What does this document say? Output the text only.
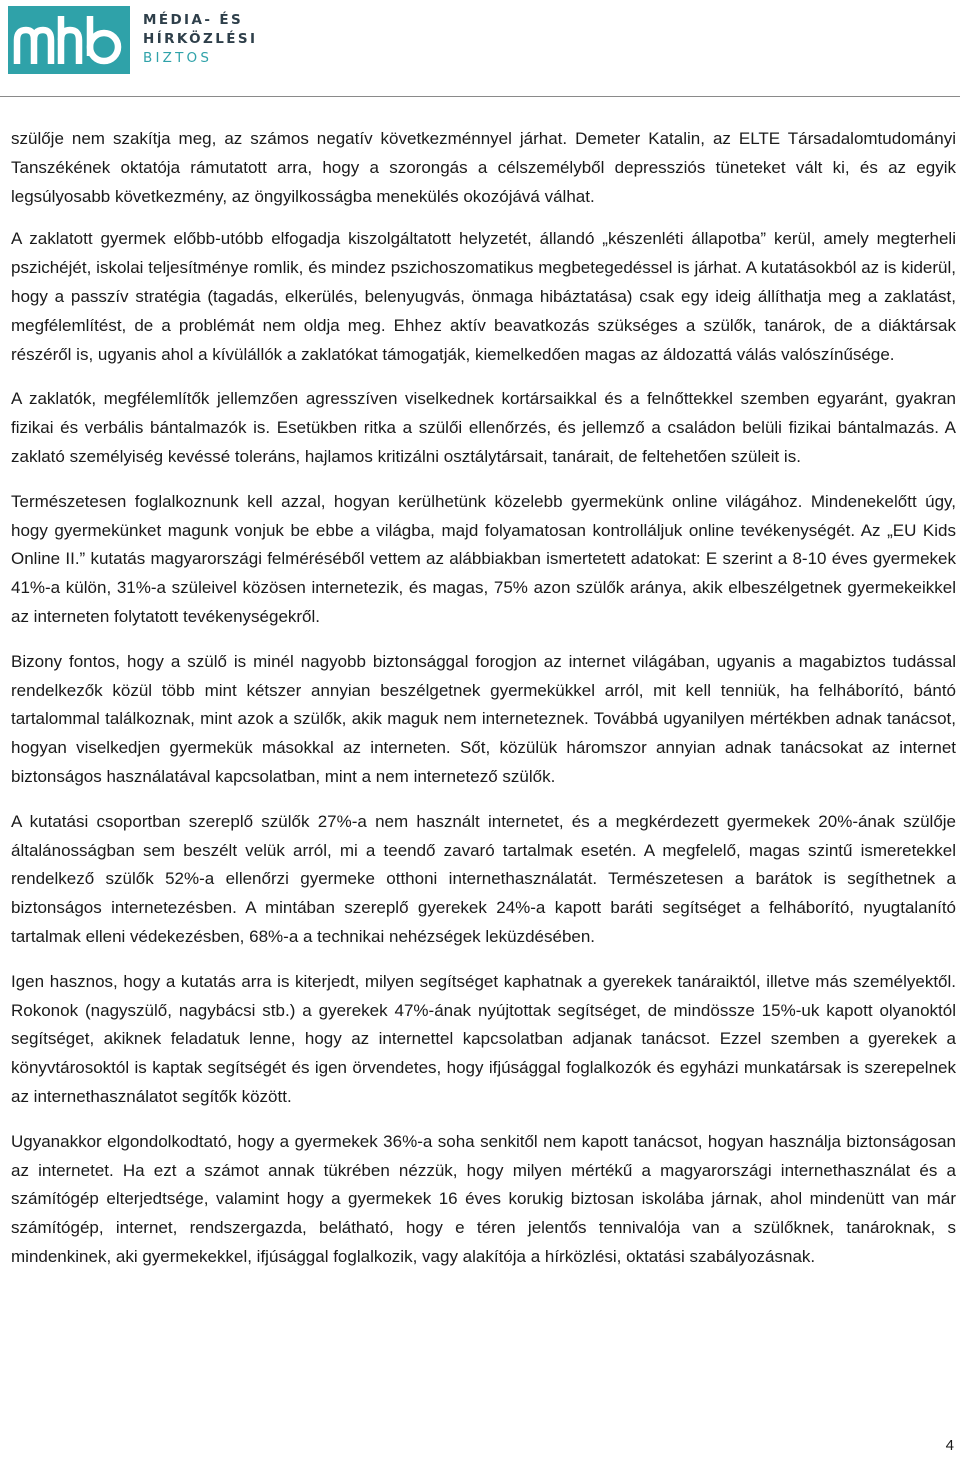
MÉDIA- ÉS
HÍRKÖZLÉSI
BIZTOS

szülője nem szakítja meg, az számos negatív következménnyel járhat. Demeter Katalin, az ELTE Társadalomtudományi Tanszékének oktatója rámutatott arra, hogy a szorongás a célszemélyből depressziós tüneteket vált ki, és az egyik legsúlyosabb következmény, az öngyilkosságba menekülés okozójává válhat.

A zaklatott gyermek előbb-utóbb elfogadja kiszolgáltatott helyzetét, állandó „készenléti állapotba” kerül, amely megterheli pszichéjét, iskolai teljesítménye romlik, és mindez pszichoszomatikus megbetegedéssel is járhat. A kutatásokból az is kiderül, hogy a passzív stratégia (tagadás, elkerülés, belenyugvás, önmaga hibáztatása) csak egy ideig állíthatja meg a zaklatást, megfélemlítést, de a problémát nem oldja meg. Ehhez aktív beavatkozás szükséges a szülők, tanárok, de a diáktársak részéről is, ugyanis ahol a kívülállók a zaklatókat támogatják, kiemelkedően magas az áldozattá válás valószínűsége.

A zaklatók, megfélemlítők jellemzően agresszíven viselkednek kortársaikkal és a felnőttekkel szemben egyaránt, gyakran fizikai és verbális bántalmazók is. Esetükben ritka a szülői ellenőrzés, és jellemző a családon belüli fizikai bántalmazás. A zaklató személyiség kevéssé toleráns, hajlamos kritizálni osztálytársait, tanárait, de feltehetően szüleit is.

Természetesen foglalkoznunk kell azzal, hogyan kerülhetünk közelebb gyermekünk online világához. Mindenekelőtt úgy, hogy gyermekünket magunk vonjuk be ebbe a világba, majd folyamatosan kontrolláljuk online tevékenységét. Az „EU Kids Online II.” kutatás magyarországi felméréséből vettem az alábbiakban ismertetett adatokat: E szerint a 8-10 éves gyermekek 41%-a külön, 31%-a szüleivel közösen internetezik, és magas, 75% azon szülők aránya, akik elbeszélgetnek gyermekeikkel az interneten folytatott tevékenységekről.

Bizony fontos, hogy a szülő is minél nagyobb biztonsággal forogjon az internet világában, ugyanis a magabiztos tudással rendelkezők közül több mint kétszer annyian beszélgetnek gyermekükkel arról, mit kell tenniük, ha felháborító, bántó tartalommal találkoznak, mint azok a szülők, akik maguk nem interneteznek. Továbbá ugyanilyen mértékben adnak tanácsot, hogyan viselkedjen gyermekük másokkal az interneten. Sőt, közülük háromszor annyian adnak tanácsokat az internet biztonságos használatával kapcsolatban, mint a nem internetező szülők.

A kutatási csoportban szereplő szülők 27%-a nem használt internetet, és a megkérdezett gyermekek 20%-ának szülője általánosságban sem beszélt velük arról, mi a teendő zavaró tartalmak esetén. A megfelelő, magas szintű ismeretekkel rendelkező szülők 52%-a ellenőrzi gyermeke otthoni internethasználatát. Természetesen a barátok is segíthetnek a biztonságos internetezésben. A mintában szereplő gyerekek 24%-a kapott baráti segítséget a felháborító, nyugtalanító tartalmak elleni védekezésben, 68%-a a technikai nehézségek leküzdésében.

Igen hasznos, hogy a kutatás arra is kiterjedt, milyen segítséget kaphatnak a gyerekek tanáraiktól, illetve más személyektől. Rokonok (nagyszülő, nagybácsi stb.) a gyerekek 47%-ának nyújtottak segítséget, de mindössze 15%-uk kapott olyanoktól segítséget, akiknek feladatuk lenne, hogy az internettel kapcsolatban adjanak tanácsot. Ezzel szemben a gyerekek a könyvtárosoktól is kaptak segítségét és igen örvendetes, hogy ifjúsággal foglalkozók és egyházi munkatársak is szerepelnek az internethasználatot segítők között.

Ugyanakkor elgondolkodtató, hogy a gyermekek 36%-a soha senkitől nem kapott tanácsot, hogyan használja biztonságosan az internetet. Ha ezt a számot annak tükrében nézzük, hogy milyen mértékű a magyarországi internethasználat és a számítógép elterjedtsége, valamint hogy a gyermekek 16 éves korukig biztosan iskolába járnak, ahol mindenütt van már számítógép, internet, rendszergazda, belátható, hogy e téren jelentős tennivalója van a szülőknek, tanároknak, s mindenkinek, aki gyermekekkel, ifjúsággal foglalkozik, vagy alakítója a hírközlési, oktatási szabályozásnak.

4
